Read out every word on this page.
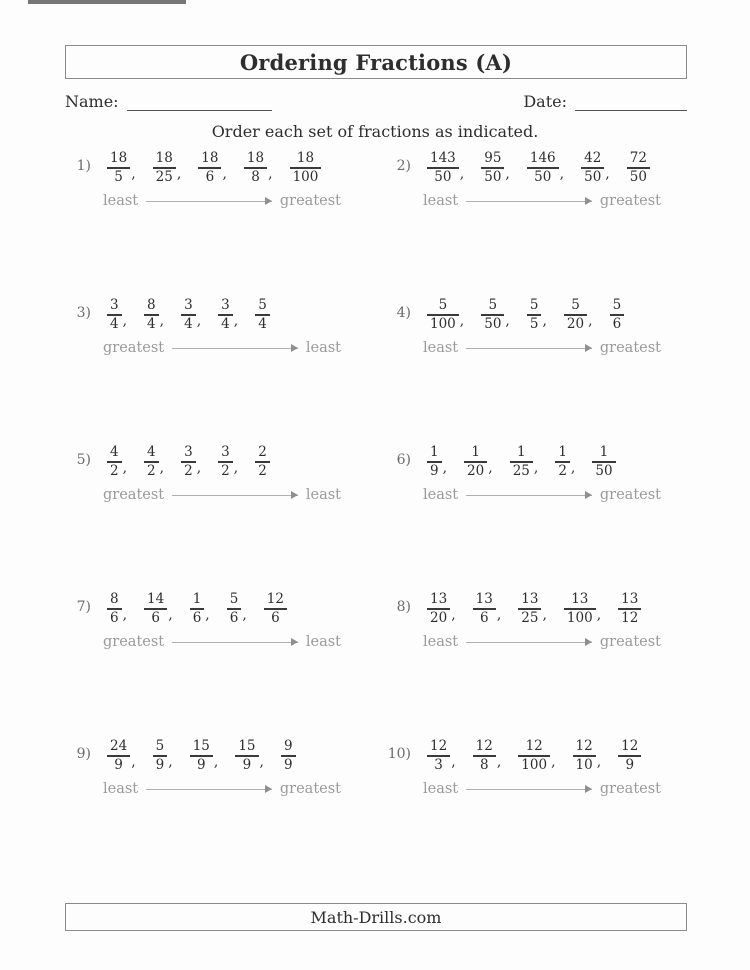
Ordering Fractions (A)
Name:	Date:
Order each set of fractions as indicated.
$1) \frac{18}{5}$ , $\frac{18}{25}$ , $\frac{18}{6}$ , $\frac{18}{8}$ , $\frac{18}{100}$
least	greatest
$2) \frac{143}{50}$ , $\frac{95}{50}$ , $\frac{146}{50}$ , $\frac{42}{50}$ , $\frac{72}{50}$
least	greatest
$3) \frac{3}{4}$ , $\frac{8}{4}$ , $\frac{3}{4}$ , $\frac{3}{4}$ , $\frac{5}{4}$
greatest	least
$4) \frac{5}{100}$ , $\frac{5}{50}$ , $\frac{5}{5}$ , $\frac{5}{20}$ , $\frac{5}{6}$
least	greatest
$5) \frac{4}{2}$ , $\frac{4}{2}$ , $\frac{3}{2}$ , $\frac{3}{2}$ , $\frac{2}{2}$
greatest	least
$6) \frac{1}{9}$ , $\frac{1}{20}$ , $\frac{1}{25}$ , $\frac{1}{2}$ , $\frac{1}{50}$
least	greatest
$7) \frac{8}{6}$ , $\frac{14}{6}$ , $\frac{1}{6}$ , $\frac{5}{6}$ , $\frac{12}{6}$
greatest	least
$8) \frac{13}{20}$ , $\frac{13}{6}$ , $\frac{13}{25}$ , $\frac{13}{100}$ , $\frac{13}{12}$
least	greatest
$9) \frac{24}{9}$ , $\frac{5}{9}$ , $\frac{15}{9}$ , $\frac{15}{9}$ , $\frac{9}{9}$
least	greatest
$10) \frac{12}{3}$ , $\frac{12}{8}$ , $\frac{12}{100}$ , $\frac{12}{10}$ , $\frac{12}{9}$
least	greatest
Math-Drills.com
